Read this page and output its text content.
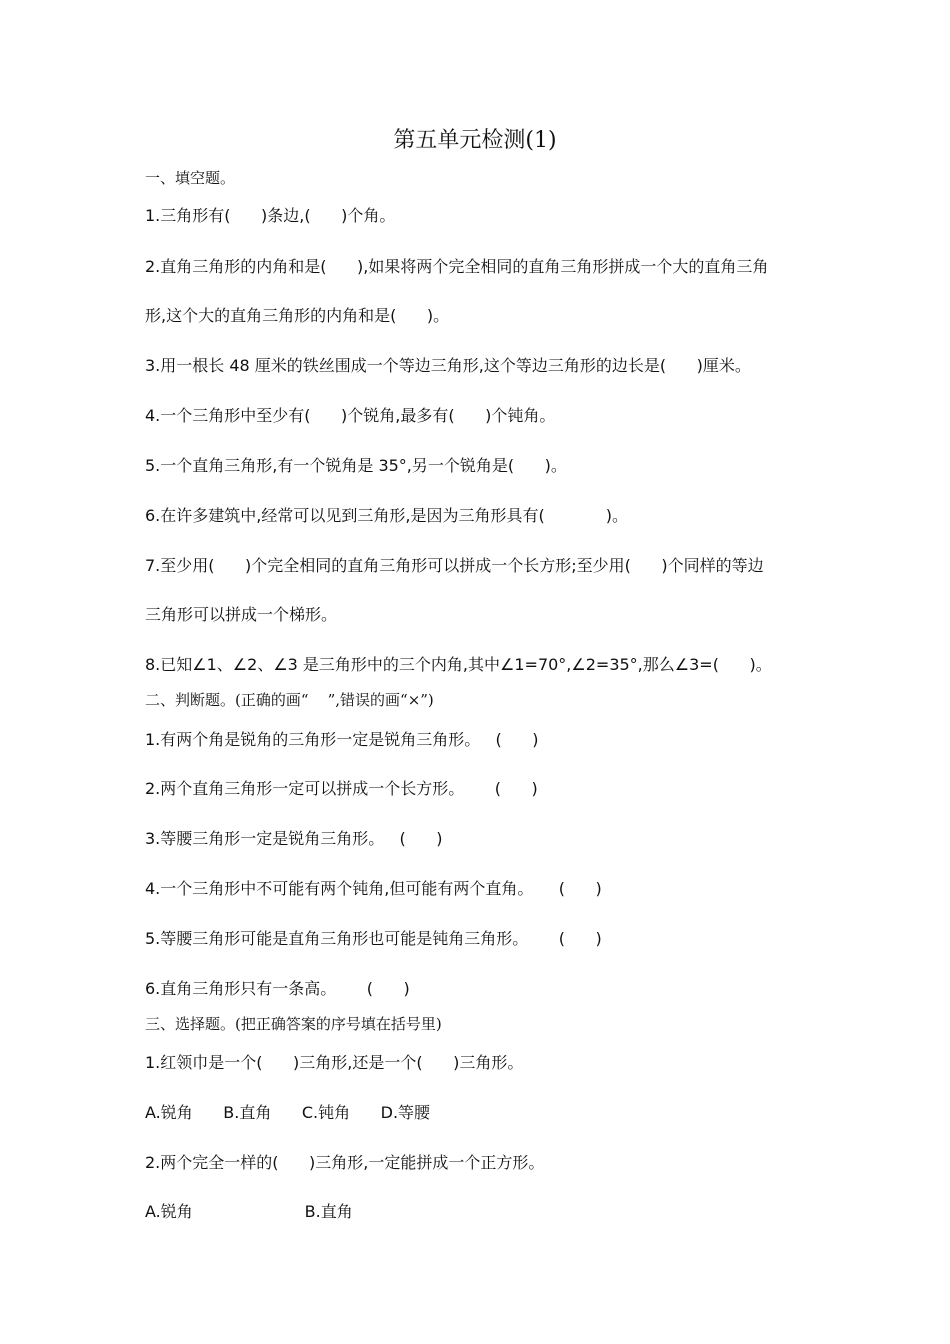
第五单元检测(1)
一、填空题。
1.三角形有(      )条边,(      )个角。
2.直角三角形的内角和是(      ),如果将两个完全相同的直角三角形拼成一个大的直角三角
形,这个大的直角三角形的内角和是(      )。
3.用一根长 48 厘米的铁丝围成一个等边三角形,这个等边三角形的边长是(      )厘米。
4.一个三角形中至少有(      )个锐角,最多有(      )个钝角。
5.一个直角三角形,有一个锐角是 35°,另一个锐角是(      )。
6.在许多建筑中,经常可以见到三角形,是因为三角形具有(            )。
7.至少用(      )个完全相同的直角三角形可以拼成一个长方形;至少用(      )个同样的等边
三角形可以拼成一个梯形。
8.已知∠1、∠2、∠3 是三角形中的三个内角,其中∠1=70°,∠2=35°,那么∠3=(      )。
二、判断题。(正确的画“    ”,错误的画“×”)
1.有两个角是锐角的三角形一定是锐角三角形。   (      )
2.两个直角三角形一定可以拼成一个长方形。      (      )
3.等腰三角形一定是锐角三角形。   (      )
4.一个三角形中不可能有两个钝角,但可能有两个直角。     (      )
5.等腰三角形可能是直角三角形也可能是钝角三角形。      (      )
6.直角三角形只有一条高。      (      )
三、选择题。(把正确答案的序号填在括号里)
1.红领巾是一个(      )三角形,还是一个(      )三角形。
A.锐角      B.直角      C.钝角      D.等腰
2.两个完全一样的(      )三角形,一定能拼成一个正方形。
A.锐角                      B.直角
